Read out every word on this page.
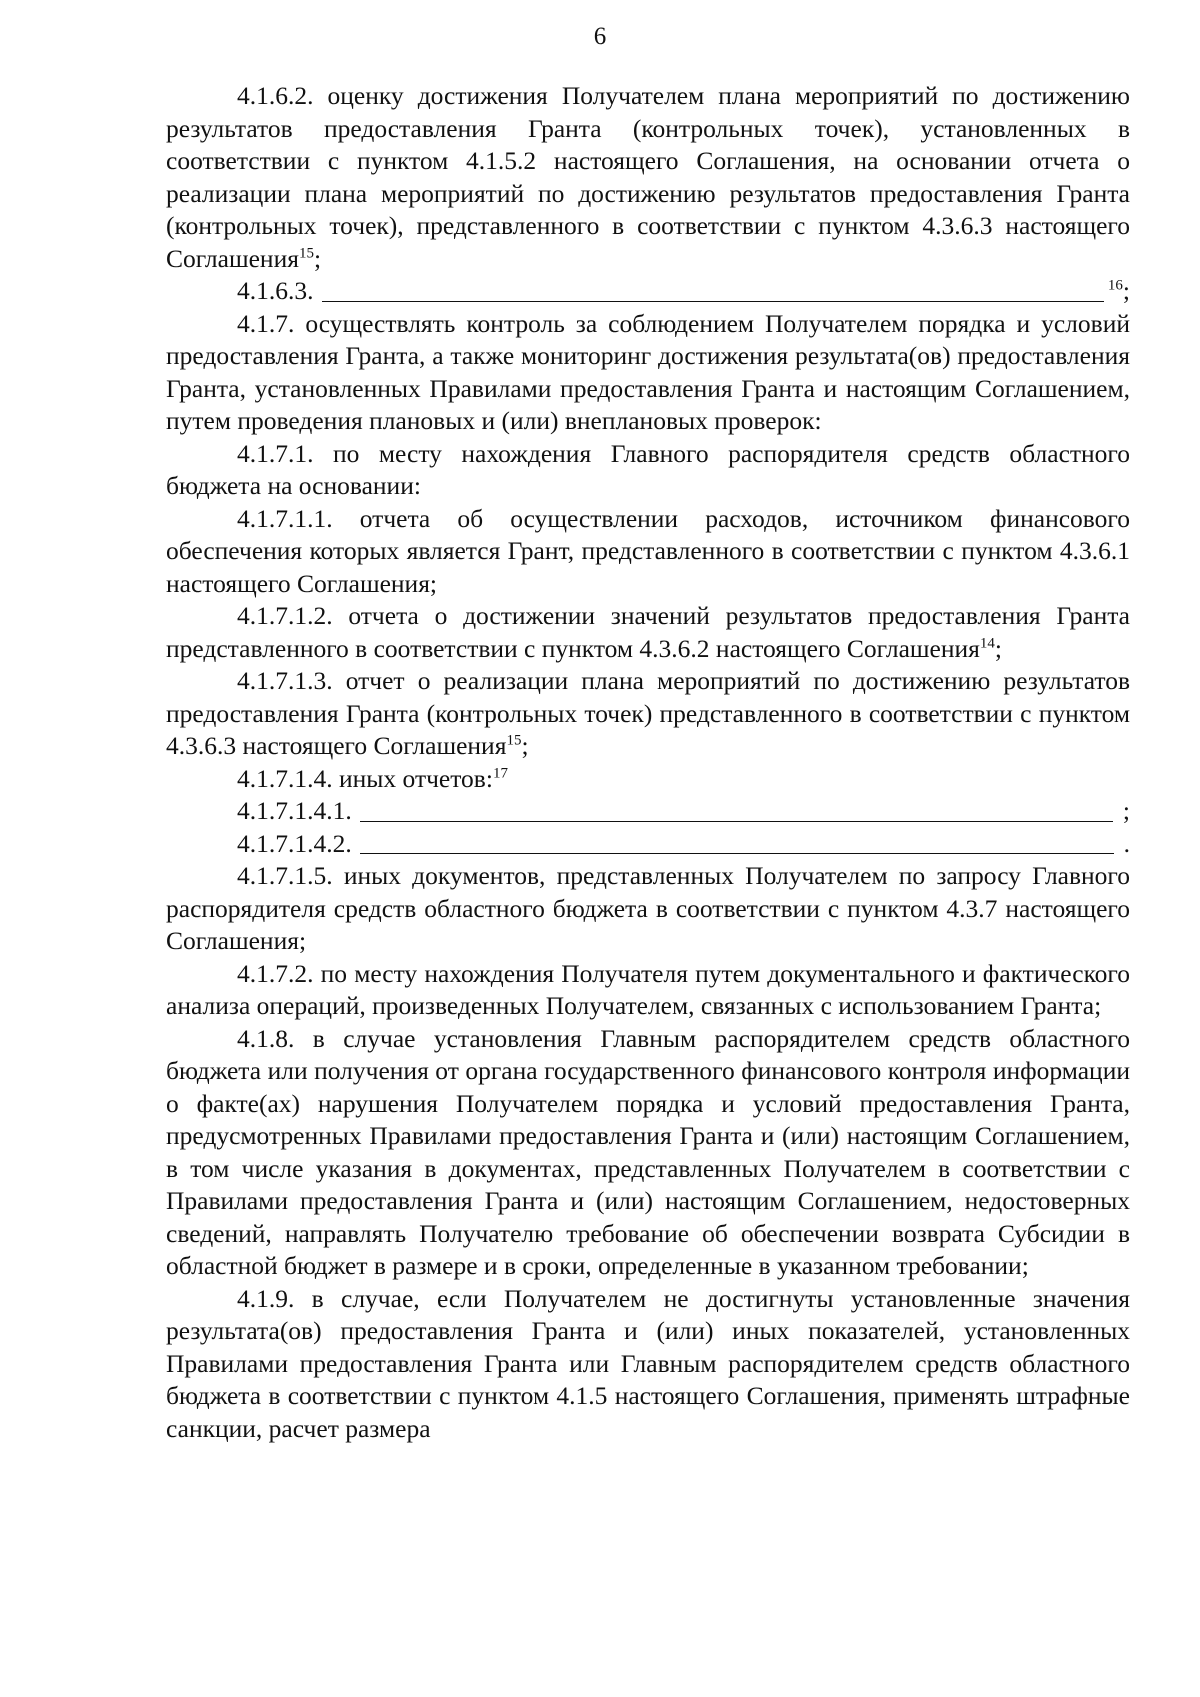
6

4.1.6.2. оценку достижения Получателем плана мероприятий по достижению результатов предоставления Гранта (контрольных точек), установленных в соответствии с пунктом 4.1.5.2 настоящего Соглашения, на основании отчета о реализации плана мероприятий по достижению результатов предоставления Гранта (контрольных точек), представленного в соответствии с пунктом 4.3.6.3 настоящего Соглашения$^{15}$;

4.1.6.3.	$^{16}$;

4.1.7. осуществлять контроль за соблюдением Получателем порядка и условий предоставления Гранта, а также мониторинг достижения результата(ов) предоставления Гранта, установленных Правилами предоставления Гранта и настоящим Соглашением, путем проведения плановых и (или) внеплановых проверок:

4.1.7.1. по месту нахождения Главного распорядителя средств областного бюджета на основании:

4.1.7.1.1. отчета об осуществлении расходов, источником финансового обеспечения которых является Грант, представленного в соответствии с пунктом 4.3.6.1 настоящего Соглашения;

4.1.7.1.2. отчета о достижении значений результатов предоставления Гранта представленного в соответствии с пунктом 4.3.6.2 настоящего Соглашения$^{14}$;

4.1.7.1.3. отчет о реализации плана мероприятий по достижению результатов предоставления Гранта (контрольных точек) представленного в соответствии с пунктом 4.3.6.3 настоящего Соглашения$^{15}$;

4.1.7.1.4. иных отчетов:$^{17}$

4.1.7.1.4.1.	;
4.1.7.1.4.2.	.

4.1.7.1.5. иных документов, представленных Получателем по запросу Главного распорядителя средств областного бюджета в соответствии с пунктом 4.3.7 настоящего Соглашения;

4.1.7.2. по месту нахождения Получателя путем документального и фактического анализа операций, произведенных Получателем, связанных с использованием Гранта;

4.1.8. в случае установления Главным распорядителем средств областного бюджета или получения от органа государственного финансового контроля информации о факте(ах) нарушения Получателем порядка и условий предоставления Гранта, предусмотренных Правилами предоставления Гранта и (или) настоящим Соглашением, в том числе указания в документах, представленных Получателем в соответствии с Правилами предоставления Гранта и (или) настоящим Соглашением, недостоверных сведений, направлять Получателю требование об обеспечении возврата Субсидии в областной бюджет в размере и в сроки, определенные в указанном требовании;

4.1.9. в случае, если Получателем не достигнуты установленные значения результата(ов) предоставления Гранта и (или) иных показателей, установленных Правилами предоставления Гранта или Главным распорядителем средств областного бюджета в соответствии с пунктом 4.1.5 настоящего Соглашения, применять штрафные санкции, расчет размера
